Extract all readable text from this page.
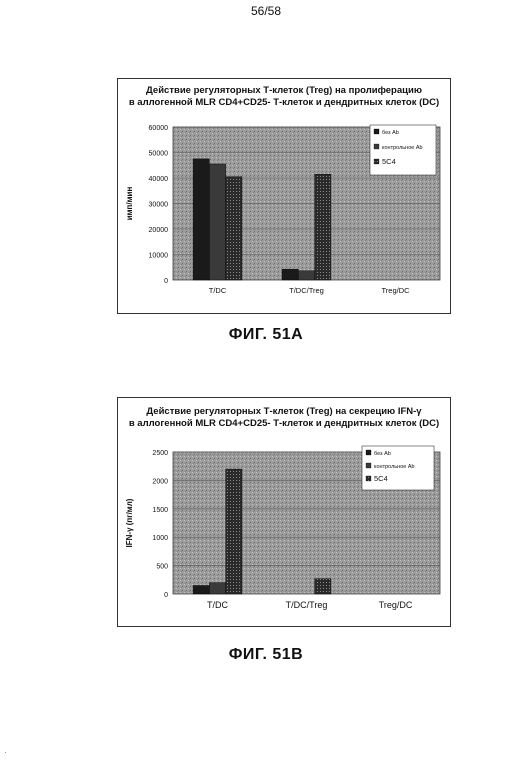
56/58
Действие регуляторных Т-клеток (Treg) на пролиферацию
в аллогенной MLR CD4+CD25- Т-клеток и дендритных клеток (DC)
0
10000
20000
30000
40000
50000
60000
имп/мин
T/DC	T/DC/Treg	Treg/DC
без Ab
контрольное Ab
5С4
ФИГ. 51А
Действие регуляторных Т-клеток (Treg) на секрецию IFN-γ
в аллогенной MLR CD4+CD25- Т-клеток и дендритных клеток (DC)
0
500
1000
1500
2000
2500
IFN-γ (пг/мл)
T/DC	T/DC/Treg	Treg/DC
без Ab
контрольное Ab
5С4
ФИГ. 51В
·
